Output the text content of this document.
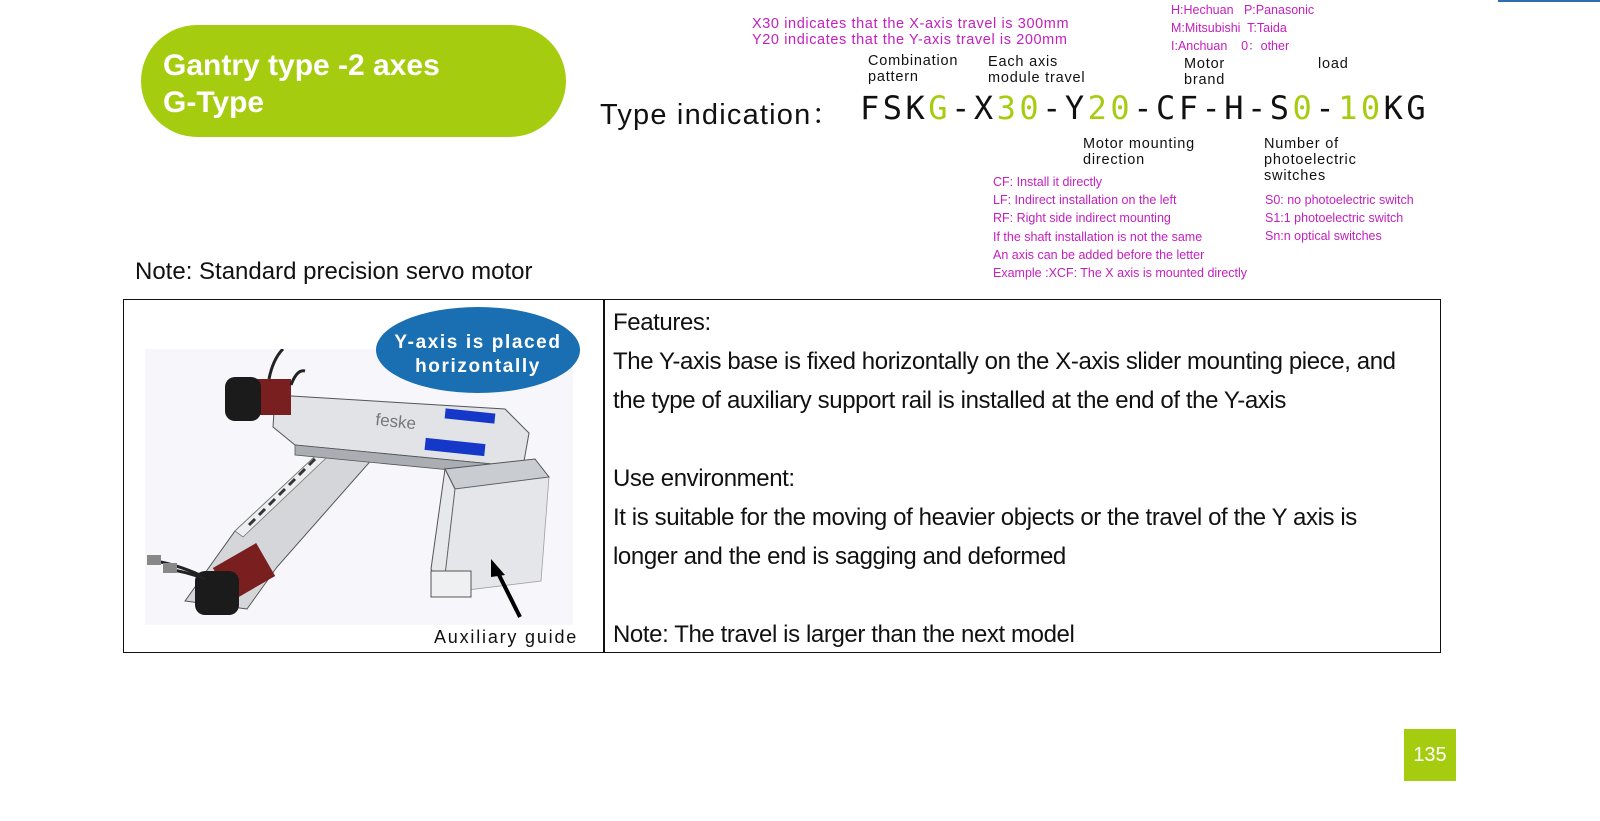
Gantry type -2 axes
G-Type
X30 indicates that the X-axis travel is 300mm
Y20 indicates that the Y-axis travel is 200mm
H:Hechuan   P:Panasonic
M:Mitsubishi  T:Taida
I:Anchuan    0：other
Combination
pattern
Each axis
module travel
Motor
brand
load
Type indication： FSKG-X30-Y20-CF-H-S0-10KG
Motor mounting
direction
Number of
photoelectric
switches
CF: Install it directly
LF: Indirect installation on the left
RF: Right side indirect mounting
If the shaft installation is not the same
An axis can be added before the letter
Example :XCF: The X axis is mounted directly
S0: no photoelectric switch
S1:1 photoelectric switch
Sn:n optical switches
Note: Standard precision servo motor
feske
Y-axis is placed
horizontally
Auxiliary guide
Features:
The Y-axis base is fixed horizontally on the X-axis slider mounting piece, and
the type of auxiliary support rail is installed at the end of the Y-axis
Use environment:
It is suitable for the moving of heavier objects or the travel of the Y axis is
longer and the end is sagging and deformed
Note: The travel is larger than the next model
135
